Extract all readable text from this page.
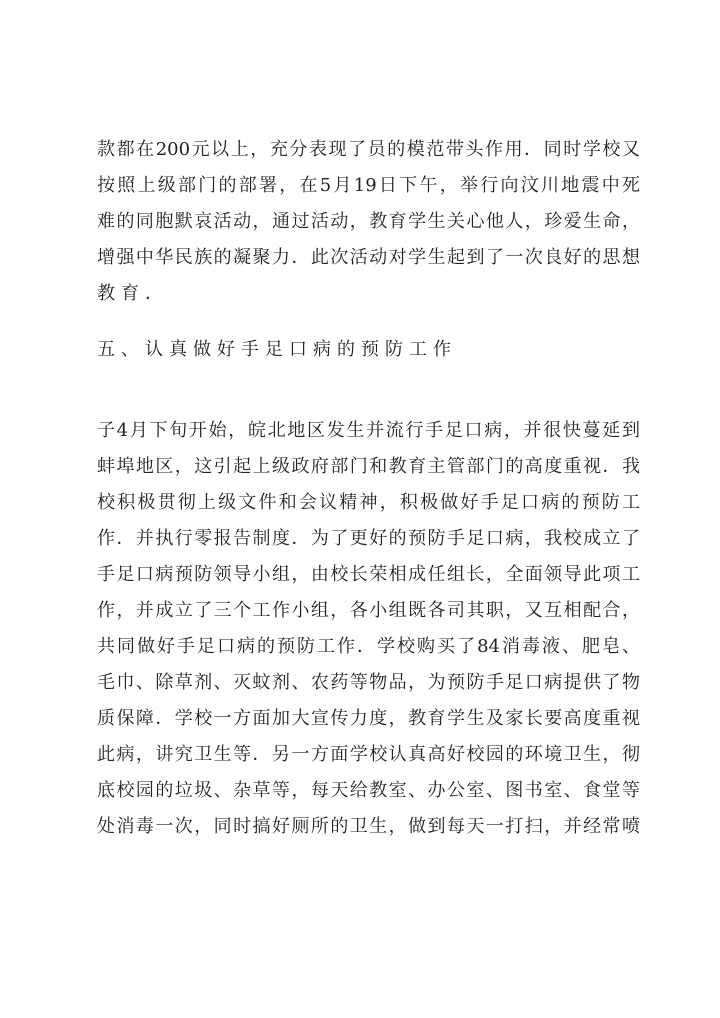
款都在200元以上，充分表现了员的模范带头作用．同时学校又
按照上级部门的部署，在5月19日下午，举行向汶川地震中死
难的同胞默哀活动，通过活动，教育学生关心他人，珍爱生命，
增强中华民族的凝聚力．此次活动对学生起到了一次良好的思想
教育．
五、认真做好手足口病的预防工作
子4月下旬开始，皖北地区发生并流行手足口病，并很快蔓延到
蚌埠地区，这引起上级政府部门和教育主管部门的高度重视．我
校积极贯彻上级文件和会议精神，积极做好手足口病的预防工
作．并执行零报告制度．为了更好的预防手足口病，我校成立了
手足口病预防领导小组，由校长荣相成任组长，全面领导此项工
作，并成立了三个工作小组，各小组既各司其职，又互相配合，
共同做好手足口病的预防工作．学校购买了84消毒液、肥皂、
毛巾、除草剂、灭蚊剂、农药等物品，为预防手足口病提供了物
质保障．学校一方面加大宣传力度，教育学生及家长要高度重视
此病，讲究卫生等．另一方面学校认真高好校园的环境卫生，彻
底校园的垃圾、杂草等，每天给教室、办公室、图书室、食堂等
处消毒一次，同时搞好厕所的卫生，做到每天一打扫，并经常喷
